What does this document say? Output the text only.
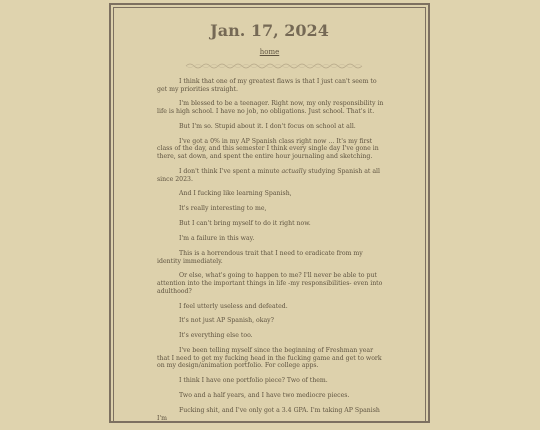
Jan. 17, 2024
home

I think that one of my greatest flaws is that I just can't seem to get my priorities straight.

I'm blessed to be a teenager. Right now, my only responsibility in life is high school. I have no job, no obligations. Just school. That's it.

But I'm so. Stupid about it. I don't focus on school at all.

I've got a 0% in my AP Spanish class right now ... It's my first class of the day, and this semester I think every single day I've gone in there, sat down, and spent the entire hour journaling and sketching.

I don't think I've spent a minute actually studying Spanish at all since 2023.

And I fucking like learning Spanish,

It's really interesting to me,

But I can't bring myself to do it right now.

I'm a failure in this way.

This is a horrendous trait that I need to eradicate from my identity immediately.

Or else, what's going to happen to me? I'll never be able to put attention into the important things in life -my responsibilities- even into adulthood?

I feel utterly useless and defeated.

It's not just AP Spanish, okay?

It's everything else too.

I've been telling myself since the beginning of Freshman year that I need to get my fucking head in the fucking game and get to work on my design/animation portfolio. For college apps.

I think I have one portfolio piece? Two of them.

Two and a half years, and I have two mediocre pieces.

Fucking shit, and I've only got a 3.4 GPA. I'm taking AP Spanish I'm
